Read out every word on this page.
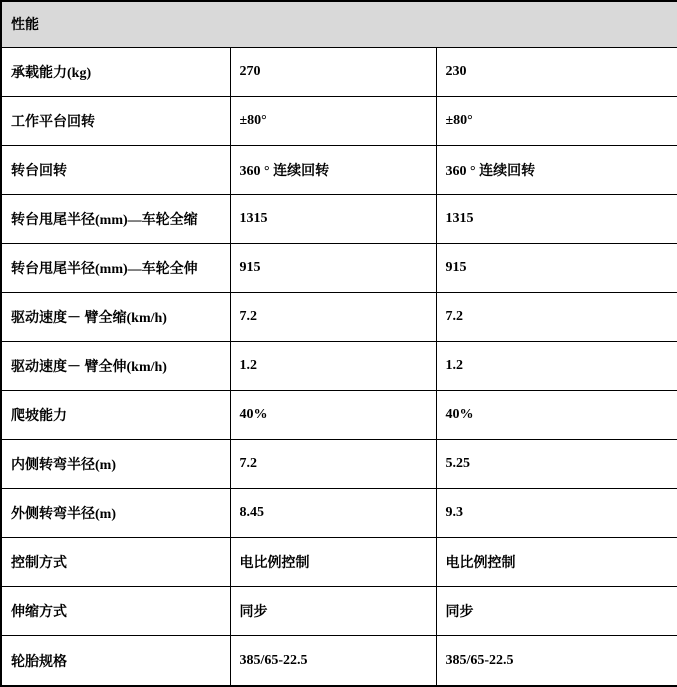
性能		
承载能力(kg)	270	230
工作平台回转	±80°	±80°
转台回转	360 ° 连续回转	360 ° 连续回转
转台甩尾半径(mm)—车轮全缩	1315	1315
转台甩尾半径(mm)—车轮全伸	915	915
驱动速度－ 臂全缩(km/h)	7.2	7.2
驱动速度－ 臂全伸(km/h)	1.2	1.2
爬坡能力	40%	40%
内侧转弯半径(m)	7.2	5.25
外侧转弯半径(m)	8.45	9.3
控制方式	电比例控制	电比例控制
伸缩方式	同步	同步
轮胎规格	385/65-22.5	385/65-22.5
